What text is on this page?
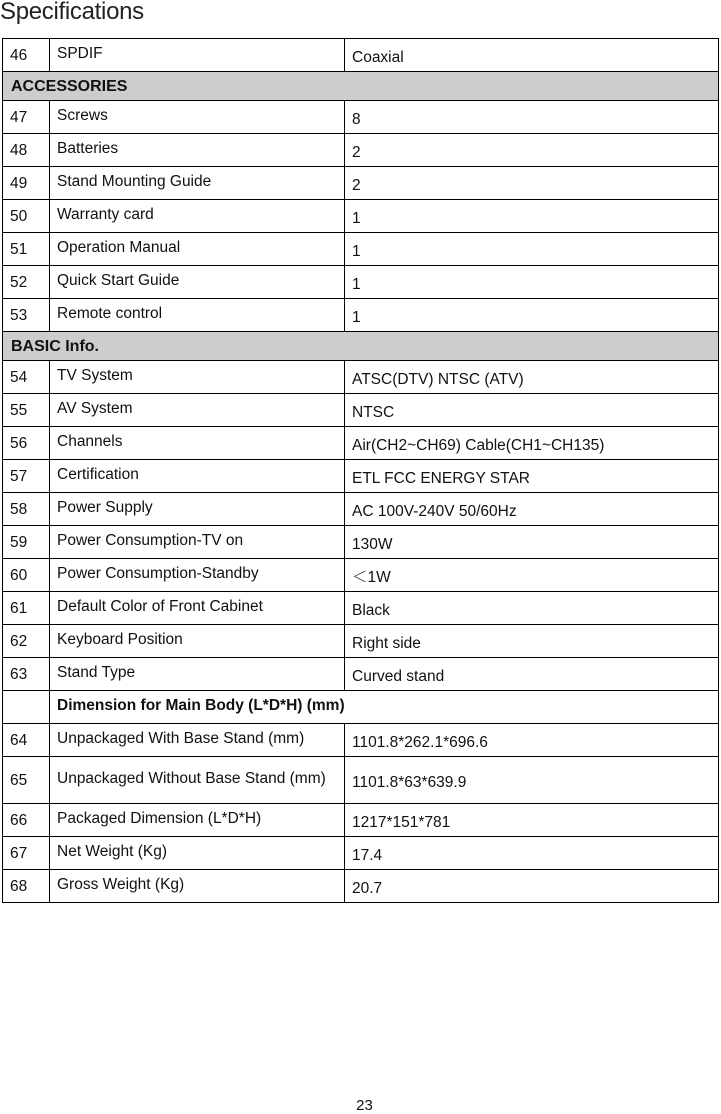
Specifications
46	SPDIF	Coaxial
ACCESSORIES		
47	Screws	8
48	Batteries	2
49	Stand Mounting Guide	2
50	Warranty card	1
51	Operation Manual	1
52	Quick Start Guide	1
53	Remote control	1
BASIC Info.		
54	TV System	ATSC(DTV) NTSC (ATV)
55	AV System	NTSC
56	Channels	Air(CH2~CH69) Cable(CH1~CH135)
57	Certification	ETL FCC ENERGY STAR
58	Power Supply	AC 100V-240V 50/60Hz
59	Power Consumption-TV on	130W
60	Power Consumption-Standby	＜1W
61	Default Color of Front Cabinet	Black
62	Keyboard Position	Right side
63	Stand Type	Curved stand
	Dimension for Main Body (L*D*H) (mm)	
64	Unpackaged With Base Stand (mm)	1101.8*262.1*696.6
65	Unpackaged Without Base Stand (mm)	1101.8*63*639.9
66	Packaged Dimension (L*D*H)	1217*151*781
67	Net Weight (Kg)	17.4
68	Gross Weight (Kg)	20.7
23
